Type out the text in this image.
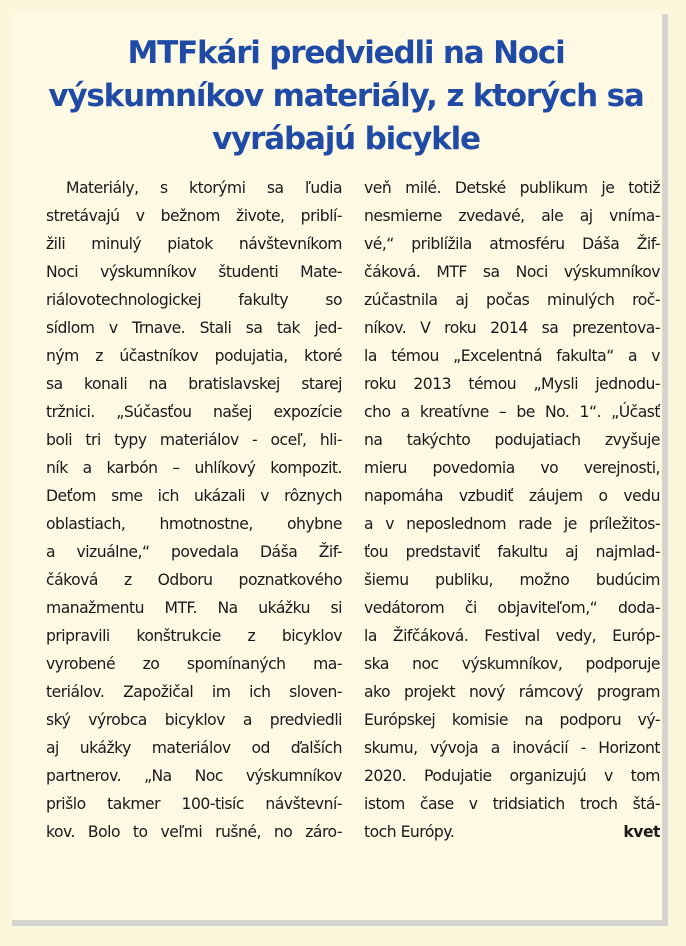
MTFkári predviedli na Noci výskumníkov materiály, z ktorých sa vyrábajú bicykle
Materiály, s ktorými sa ľudia
stretávajú v bežnom živote, priblí-
žili minulý piatok návštevníkom
Noci výskumníkov študenti Mate-
riálovotechnologickej fakulty so
sídlom v Trnave. Stali sa tak jed-
ným z účastníkov podujatia, ktoré
sa konali na bratislavskej starej
tržnici. „Súčasťou našej expozície
boli tri typy materiálov - oceľ, hli-
ník a karbón – uhlíkový kompozit.
Deťom sme ich ukázali v rôznych
oblastiach, hmotnostne, ohybne
a vizuálne,“ povedala Dáša Žif-
čáková z Odboru poznatkového
manažmentu MTF. Na ukážku si
pripravili konštrukcie z bicyklov
vyrobené zo spomínaných ma-
teriálov. Zapožičal im ich sloven-
ský výrobca bicyklov a predviedli
aj ukážky materiálov od ďalších
partnerov. „Na Noc výskumníkov
prišlo takmer 100-tisíc návštevní-
kov. Bolo to veľmi rušné, no záro-
veň milé. Detské publikum je totiž
nesmierne zvedavé, ale aj vníma-
vé,“ priblížila atmosféru Dáša Žif-
čáková. MTF sa Noci výskumníkov
zúčastnila aj počas minulých roč-
níkov. V roku 2014 sa prezentova-
la témou „Excelentná fakulta“ a v
roku 2013 témou „Mysli jednodu-
cho a kreatívne – be No. 1“. „Účasť
na takýchto podujatiach zvyšuje
mieru povedomia vo verejnosti,
napomáha vzbudiť záujem o vedu
a v neposlednom rade je príležitos-
ťou predstaviť fakultu aj najmlad-
šiemu publiku, možno budúcim
vedátorom či objaviteľom,“ doda-
la Žifčáková. Festival vedy, Európ-
ska noc výskumníkov, podporuje
ako projekt nový rámcový program
Európskej komisie na podporu vý-
skumu, vývoja a inovácií - Horizont
2020. Podujatie organizujú v tom
istom čase v tridsiatich troch štá-
toch Európy.	kvet
